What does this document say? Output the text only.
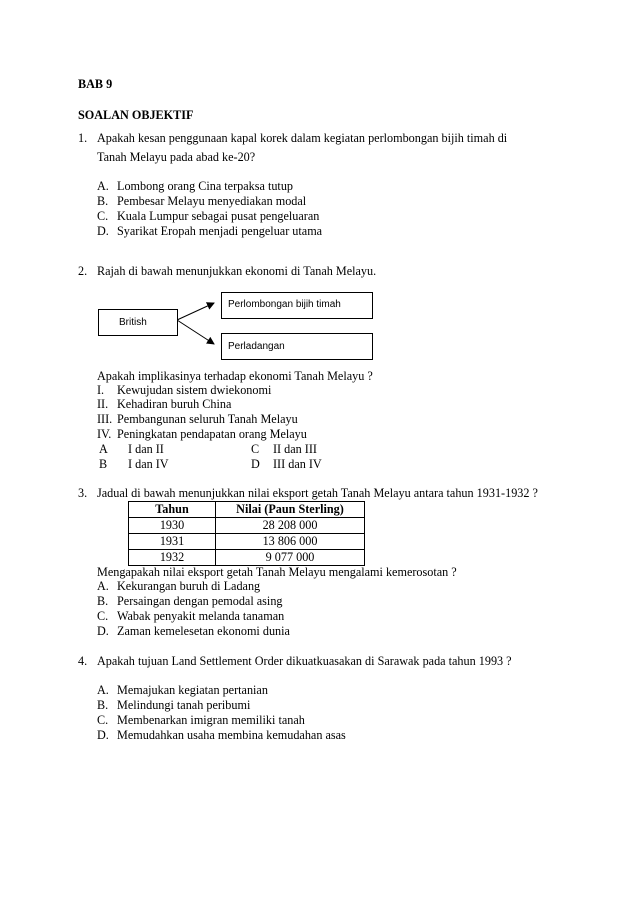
BAB 9
SOALAN OBJEKTIF
1. Apakah kesan penggunaan kapal korek dalam kegiatan perlombongan bijih timah di
Tanah Melayu pada abad ke-20?
A. Lombong orang Cina terpaksa tutup
B. Pembesar Melayu menyediakan modal
C. Kuala Lumpur sebagai pusat pengeluaran
D. Syarikat Eropah menjadi pengeluar utama
2. Rajah di bawah menunjukkan ekonomi di Tanah Melayu.
British
Perlombongan bijih timah
Perladangan
Apakah implikasinya terhadap ekonomi Tanah Melayu ?
I. Kewujudan sistem dwiekonomi
II. Kehadiran buruh China
III. Pembangunan seluruh Tanah Melayu
IV. Peningkatan pendapatan orang Melayu
A I dan II	C II dan III
B I dan IV	D III dan IV
3. Jadual di bawah menunjukkan nilai eksport getah Tanah Melayu antara tahun 1931-1932 ?
Tahun	Nilai (Paun Sterling)
1930	28 208 000
1931	13 806 000
1932	9 077 000
Mengapakah nilai eksport getah Tanah Melayu mengalami kemerosotan ?
A. Kekurangan buruh di Ladang
B. Persaingan dengan pemodal asing
C. Wabak penyakit melanda tanaman
D. Zaman kemelesetan ekonomi dunia
4. Apakah tujuan Land Settlement Order dikuatkuasakan di Sarawak pada tahun 1993 ?
A. Memajukan kegiatan pertanian
B. Melindungi tanah peribumi
C. Membenarkan imigran memiliki tanah
D. Memudahkan usaha membina kemudahan asas
